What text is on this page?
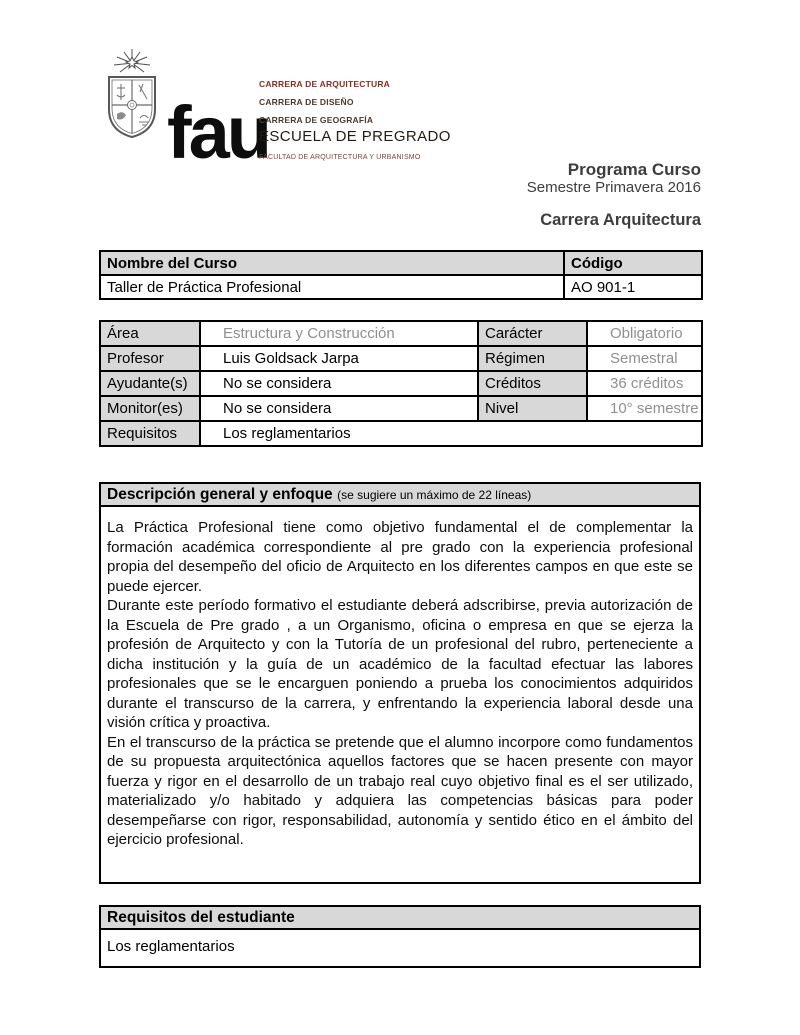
fau
CARRERA DE ARQUITECTURA CARRERA DE DISEÑO CARRERA DE GEOGRAFÍA ESCUELA DE PREGRADO FACULTAD DE ARQUITECTURA Y URBANISMO
Programa Curso
Semestre Primavera 2016
Carrera Arquitectura
Nombre del Curso	Código
Taller de Práctica Profesional	AO 901-1
Área	Estructura y Construcción	Carácter	Obligatorio
Profesor	Luis Goldsack Jarpa	Régimen	Semestral
Ayudante(s)	No se considera	Créditos	36 créditos
Monitor(es)	No se considera	Nivel	10° semestre
Requisitos	Los reglamentarios		
Descripción general y enfoque (se sugiere un máximo de 22 líneas)

La Práctica Profesional tiene como objetivo fundamental el de complementar la formación académica correspondiente al pre grado con la experiencia profesional propia del desempeño del oficio de Arquitecto en los diferentes campos en que este se puede ejercer.

Durante este período formativo el estudiante deberá adscribirse, previa autorización de la Escuela de Pre grado , a un Organismo, oficina o empresa en que se ejerza la profesión de Arquitecto y con la Tutoría de un profesional del rubro, perteneciente a dicha institución y la guía de un académico de la facultad efectuar las labores profesionales que se le encarguen poniendo a prueba los conocimientos adquiridos durante el transcurso de la carrera, y enfrentando la experiencia laboral desde una visión crítica y proactiva.

En el transcurso de la práctica se pretende que el alumno incorpore como fundamentos de su propuesta arquitectónica aquellos factores que se hacen presente con mayor fuerza y rigor en el desarrollo de un trabajo real cuyo objetivo final es el ser utilizado, materializado y/o habitado y adquiera las competencias básicas para poder desempeñarse con rigor, responsabilidad, autonomía y sentido ético en el ámbito del ejercicio profesional.

Requisitos del estudiante
Los reglamentarios
